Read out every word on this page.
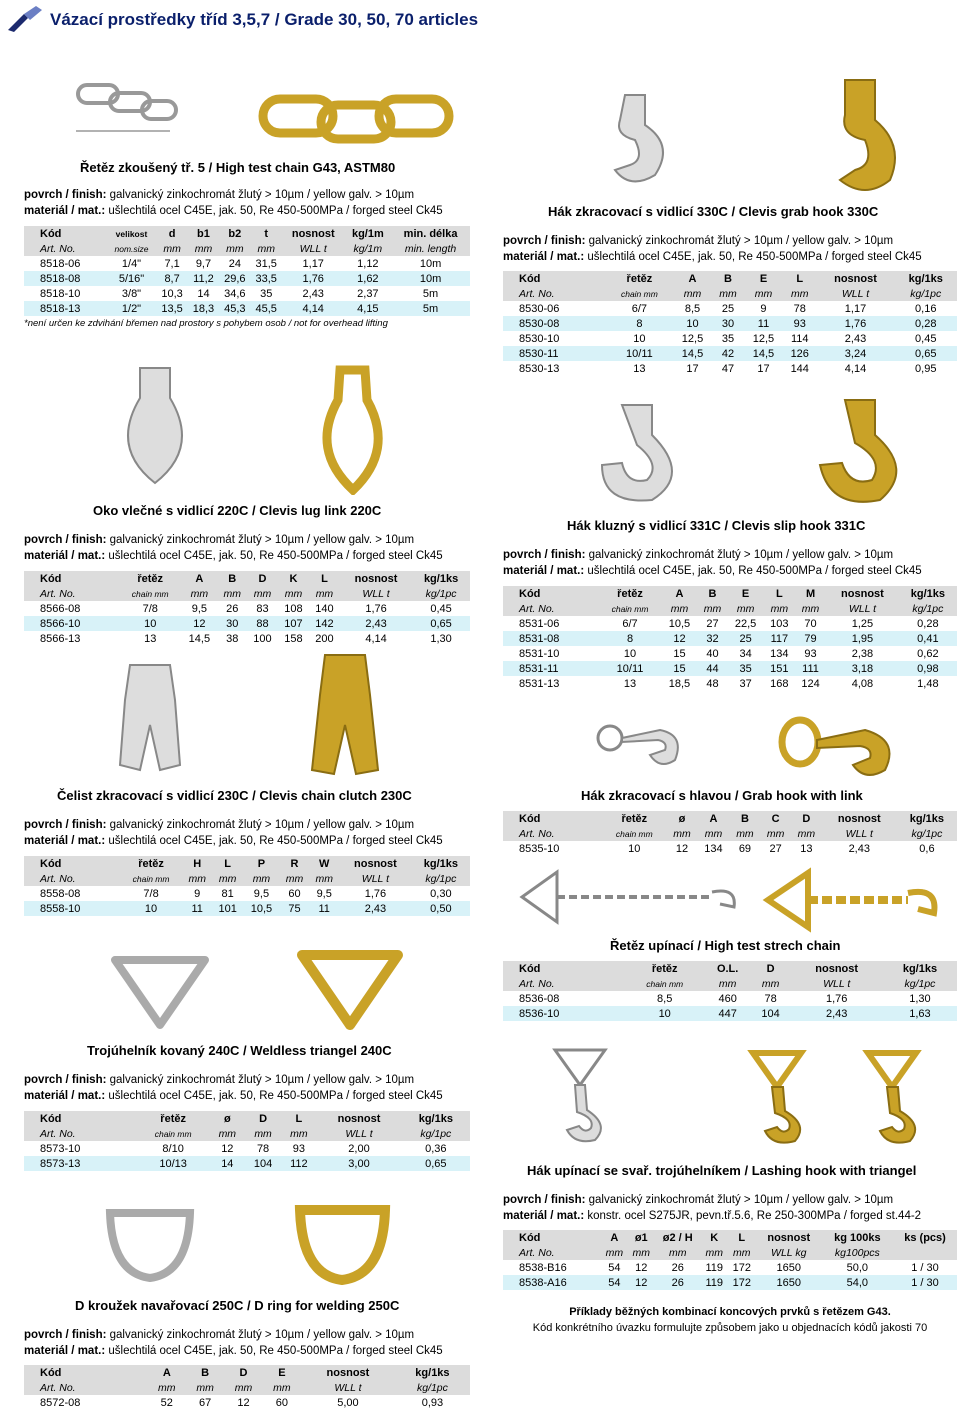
Vázací prostředky tříd 3,5,7 / Grade 30, 50, 70 articles
Řetěz zkoušený tř. 5 / High test chain G43, ASTM80
povrch / finish: galvanický zinkochromát žlutý > 10µm / yellow galv. > 10µm
materiál / mat.: ušlechtilá ocel C45E, jak. 50, Re 450-500MPa / forged steel Ck45
Kód	velikost	d	b1	b2	t	nosnost	kg/1m	min. délka
Art. No.	nom.size	mm	mm	mm	mm	WLL t	kg/1m	min. length
8518-06	1/4"	7,1	9,7	24	31,5	1,17	1,12	10m
8518-08	5/16"	8,7	11,2	29,6	33,5	1,76	1,62	10m
8518-10	3/8"	10,3	14	34,6	35	2,43	2,37	5m
8518-13	1/2"	13,5	18,3	45,3	45,5	4,14	4,15	5m
*není určen ke zdvihání břemen nad prostory s pohybem osob / not for overhead lifting
Hák zkracovací s vidlicí 330C / Clevis grab hook 330C
povrch / finish: galvanický zinkochromát žlutý > 10µm / yellow galv. > 10µm
materiál / mat.: ušlechtilá ocel C45E, jak. 50, Re 450-500MPa / forged steel Ck45
Kód	řetěz	A	B	E	L	nosnost	kg/1ks
Art. No.	chain mm	mm	mm	mm	mm	WLL t	kg/1pc
8530-06	6/7	8,5	25	9	78	1,17	0,16
8530-08	8	10	30	11	93	1,76	0,28
8530-10	10	12,5	35	12,5	114	2,43	0,45
8530-11	10/11	14,5	42	14,5	126	3,24	0,65
8530-13	13	17	47	17	144	4,14	0,95
Oko vlečné s vidlicí 220C / Clevis lug link 220C
povrch / finish: galvanický zinkochromát žlutý > 10µm / yellow galv. > 10µm
materiál / mat.: ušlechtilá ocel C45E, jak. 50, Re 450-500MPa / forged steel Ck45
Kód	řetěz	A	B	D	K	L	nosnost	kg/1ks
Art. No.	chain mm	mm	mm	mm	mm	mm	WLL t	kg/1pc
8566-08	7/8	9,5	26	83	108	140	1,76	0,45
8566-10	10	12	30	88	107	142	2,43	0,65
8566-13	13	14,5	38	100	158	200	4,14	1,30
Hák kluzný s vidlicí 331C / Clevis slip hook 331C
povrch / finish: galvanický zinkochromát žlutý > 10µm / yellow galv. > 10µm
materiál / mat.: ušlechtilá ocel C45E, jak. 50, Re 450-500MPa / forged steel Ck45
Kód	řetěz	A	B	E	L	M	nosnost	kg/1ks
Art. No.	chain mm	mm	mm	mm	mm	mm	WLL t	kg/1pc
8531-06	6/7	10,5	27	22,5	103	70	1,25	0,28
8531-08	8	12	32	25	117	79	1,95	0,41
8531-10	10	15	40	34	134	93	2,38	0,62
8531-11	10/11	15	44	35	151	111	3,18	0,98
8531-13	13	18,5	48	37	168	124	4,08	1,48
Čelist zkracovací s vidlicí 230C / Clevis chain clutch 230C
povrch / finish: galvanický zinkochromát žlutý > 10µm / yellow galv. > 10µm
materiál / mat.: ušlechtilá ocel C45E, jak. 50, Re 450-500MPa / forged steel Ck45
Kód	řetěz	H	L	P	R	W	nosnost	kg/1ks
Art. No.	chain mm	mm	mm	mm	mm	mm	WLL t	kg/1pc
8558-08	7/8	9	81	9,5	60	9,5	1,76	0,30
8558-10	10	11	101	10,5	75	11	2,43	0,50
Hák zkracovací s hlavou / Grab hook with link
Kód	řetěz	ø	A	B	C	D	nosnost	kg/1ks
Art. No.	chain mm	mm	mm	mm	mm	mm	WLL t	kg/1pc
8535-10	10	12	134	69	27	13	2,43	0,6
Řetěz upínací / High test strech chain
Kód	řetěz	O.L.	D				nosnost	kg/1ks
Art. No.	chain mm	mm	mm				WLL t	kg/1pc
8536-08	8,5	460	78				1,76	1,30
8536-10	10	447	104				2,43	1,63
Trojúhelník kovaný 240C / Weldless triangel 240C
povrch / finish: galvanický zinkochromát žlutý > 10µm / yellow galv. > 10µm
materiál / mat.: ušlechtilá ocel C45E, jak. 50, Re 450-500MPa / forged steel Ck45
Kód	řetěz	ø	D	L		nosnost	kg/1ks
Art. No.	chain mm	mm	mm	mm		WLL t	kg/1pc
8573-10	8/10	12	78	93		2,00	0,36
8573-13	10/13	14	104	112		3,00	0,65	Hák upínací se svař. trojúhelníkem / Lashing hook with triangel
povrch / finish: galvanický zinkochromát žlutý > 10µm / yellow galv. > 10µm
materiál / mat.: konstr. ocel S275JR, pevn.tř.5.6, Re 250-300MPa / forged st.44-2
Kód	A	ø1	ø2 / H	K	L	nosnost	kg 100ks	ks (pcs)
Art. No.	mm	mm	mm	mm	mm	WLL kg	kg100pcs	
8538-B16	54	12	26	119	172	1650	50,0	1 / 30
8538-A16	54	12	26	119	172	1650	54,0	1 / 30
D kroužek navařovací 250C / D ring for welding 250C
povrch / finish: galvanický zinkochromát žlutý > 10µm / yellow galv. > 10µm
materiál / mat.: ušlechtilá ocel C45E, jak. 50, Re 450-500MPa / forged steel Ck45
Kód	A	B	D	E		nosnost	kg/1ks
Art. No.	mm	mm	mm	mm		WLL t	kg/1pc
8572-08	52	67	12	60		5,00	0,93
Příklady běžných kombinací koncových prvků s řetězem G43.
Kód konkrétního úvazku formulujte způsobem jako u objednacích kódů jakosti 70
